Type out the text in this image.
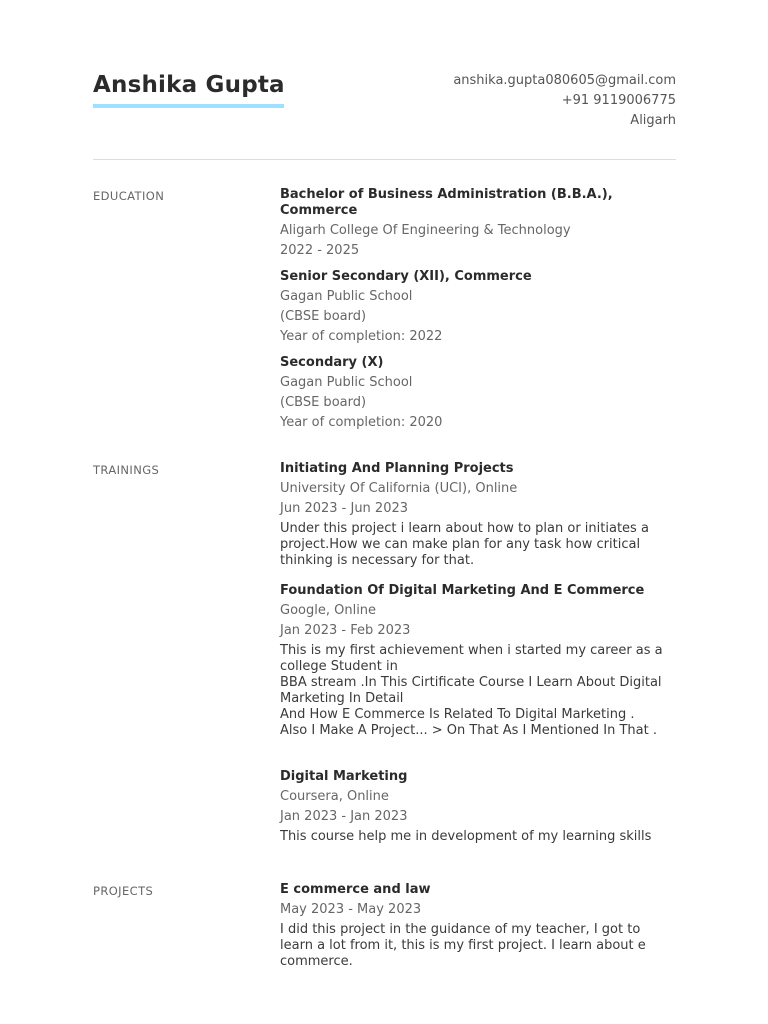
Anshika Gupta	anshika.gupta080605@gmail.com
+91 9119006775
Aligarh
EDUCATION	Bachelor of Business Administration (B.B.A.), Commerce
Aligarh College Of Engineering & Technology
2022 - 2025
Senior Secondary (XII), Commerce
Gagan Public School
(CBSE board)
Year of completion: 2022
Secondary (X)
Gagan Public School
(CBSE board)
Year of completion: 2020
TRAININGS	Initiating And Planning Projects
University Of California (UCI), Online
Jun 2023 - Jun 2023
Under this project i learn about how to plan or initiates a project.How we can make plan for any task how critical thinking is necessary for that.
Foundation Of Digital Marketing And E Commerce
Google, Online
Jan 2023 - Feb 2023
This is my first achievement when i started my career as a college Student in
BBA stream .In This Cirtificate Course I Learn About Digital Marketing In Detail
And How E Commerce Is Related To Digital Marketing .
Also I Make A Project... > On That As I Mentioned In That .
Digital Marketing
Coursera, Online
Jan 2023 - Jan 2023
This course help me in development of my learning skills
PROJECTS	E commerce and law
May 2023 - May 2023
I did this project in the guidance of my teacher, I got to learn a lot from it, this is my first project. I learn about e commerce.
